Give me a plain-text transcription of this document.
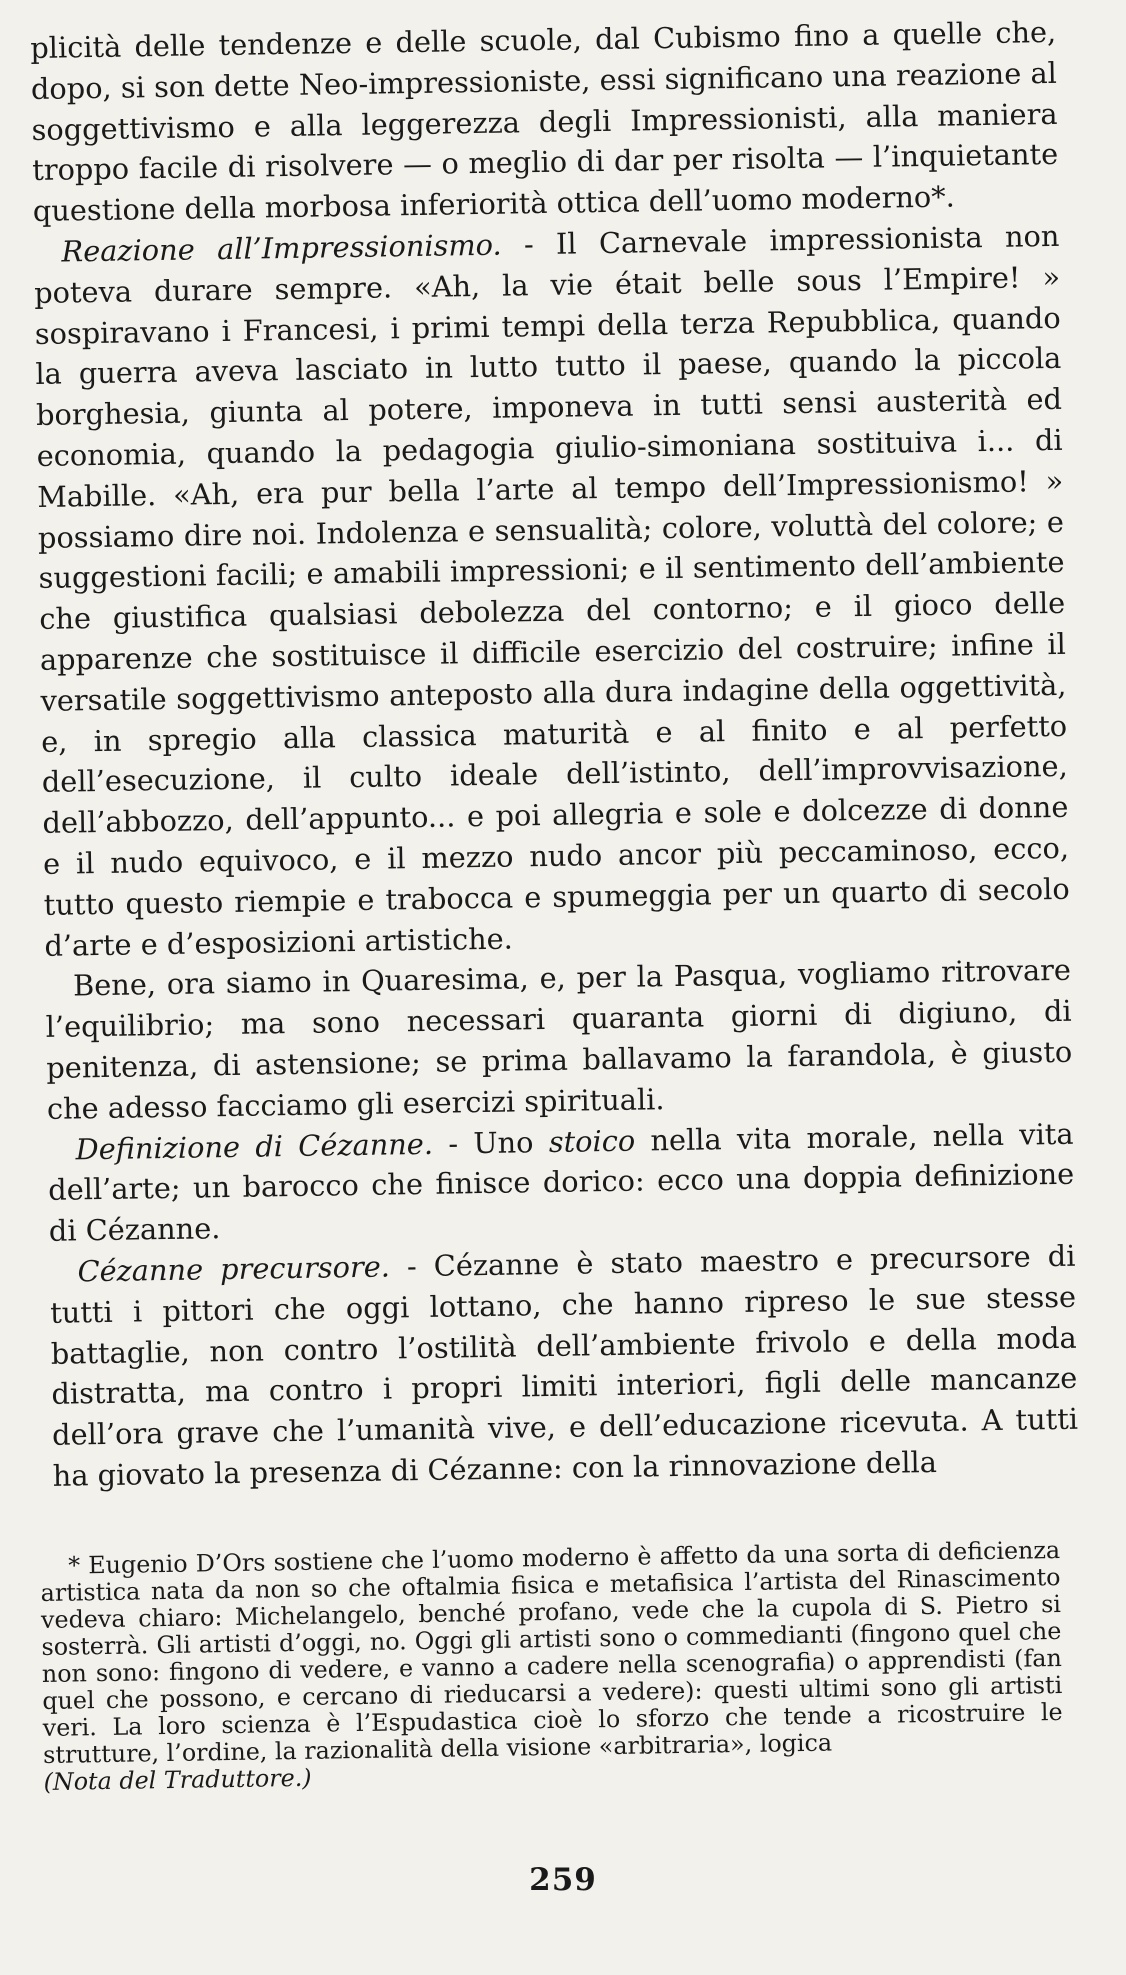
plicità delle tendenze e delle scuole, dal Cubismo fino a quelle che, dopo, si son dette Neo-impressioniste, essi significano una reazione al soggettivismo e alla leggerezza degli Impressionisti, alla maniera troppo facile di risolvere — o meglio di dar per risolta — l’inquietante questione della morbosa inferiorità ottica dell’uomo moderno*.

Reazione all’Impressionismo. - Il Carnevale impressionista non poteva durare sempre. «Ah, la vie était belle sous l’Empire! » sospiravano i Francesi, i primi tempi della terza Repubblica, quando la guerra aveva lasciato in lutto tutto il paese, quando la piccola borghesia, giunta al potere, imponeva in tutti sensi austerità ed economia, quando la pedagogia giulio-simoniana sostituiva i... di Mabille. «Ah, era pur bella l’arte al tempo dell’Impressionismo! » possiamo dire noi. Indolenza e sensualità; colore, voluttà del colore; e suggestioni facili; e amabili impressioni; e il sentimento dell’ambiente che giustifica qualsiasi debolezza del contorno; e il gioco delle apparenze che sostituisce il difficile esercizio del costruire; infine il versatile soggettivismo anteposto alla dura indagine della oggettività, e, in spregio alla classica maturità e al finito e al perfetto dell’esecuzione, il culto ideale dell’istinto, dell’improvvisazione, dell’abbozzo, dell’appunto... e poi allegria e sole e dolcezze di donne e il nudo equivoco, e il mezzo nudo ancor più peccaminoso, ecco, tutto questo riempie e trabocca e spumeggia per un quarto di secolo d’arte e d’esposizioni artistiche.

Bene, ora siamo in Quaresima, e, per la Pasqua, vogliamo ritrovare l’equilibrio; ma sono necessari quaranta giorni di digiuno, di penitenza, di astensione; se prima ballavamo la farandola, è giusto che adesso facciamo gli esercizi spirituali.

Definizione di Cézanne. - Uno stoico nella vita morale, nella vita dell’arte; un barocco che finisce dorico: ecco una doppia definizione di Cézanne.

Cézanne precursore. - Cézanne è stato maestro e precursore di tutti i pittori che oggi lottano, che hanno ripreso le sue stesse battaglie, non contro l’ostilità dell’ambiente frivolo e della moda distratta, ma contro i propri limiti interiori, figli delle mancanze dell’ora grave che l’umanità vive, e dell’educazione ricevuta. A tutti ha giovato la presenza di Cézanne: con la rinnovazione della

* Eugenio D’Ors sostiene che l’uomo moderno è affetto da una sorta di deficienza artistica nata da non so che oftalmia fisica e metafisica l’artista del Rinascimento vedeva chiaro: Michelangelo, benché profano, vede che la cupola di S. Pietro si sosterrà. Gli artisti d’oggi, no. Oggi gli artisti sono o commedianti (fingono quel che non sono: fingono di vedere, e vanno a cadere nella scenografia) o apprendisti (fan quel che possono, e cercano di rieducarsi a vedere): questi ultimi sono gli artisti veri. La loro scienza è l’Espudastica cioè lo sforzo che tende a ricostruire le strutture, l’ordine, la razionalità della visione «arbitraria», logica

(Nota del Traduttore.)

259
